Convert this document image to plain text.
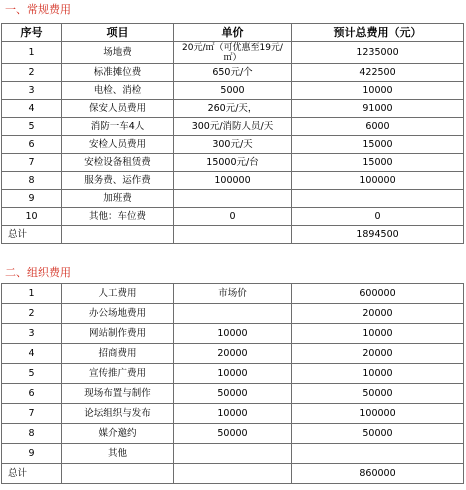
一、常规费用
序号	项目	单价	预计总费用（元）
1	场地费	20元/㎡（可优惠至19元/㎡）	1235000
2	标准摊位费	650元/个	422500
3	电检、消检	5000	10000
4	保安人员费用	260元/天，	91000
5	消防一车4人	300元/消防人员/天	6000
6	安检人员费用	300元/天	15000
7	安检设备租赁费	15000元/台	15000
8	服务费、运作费	100000	100000
9	加班费		
10	其他：车位费	0	0
总计			1894500
二、组织费用
1	人工费用	市场价	600000
2	办公场地费用		20000
3	网站制作费用	10000	10000
4	招商费用	20000	20000
5	宣传推广费用	10000	10000
6	现场布置与制作	50000	50000
7	论坛组织与发布	10000	100000
8	媒介邀约	50000	50000
9	其他		
总计			860000
